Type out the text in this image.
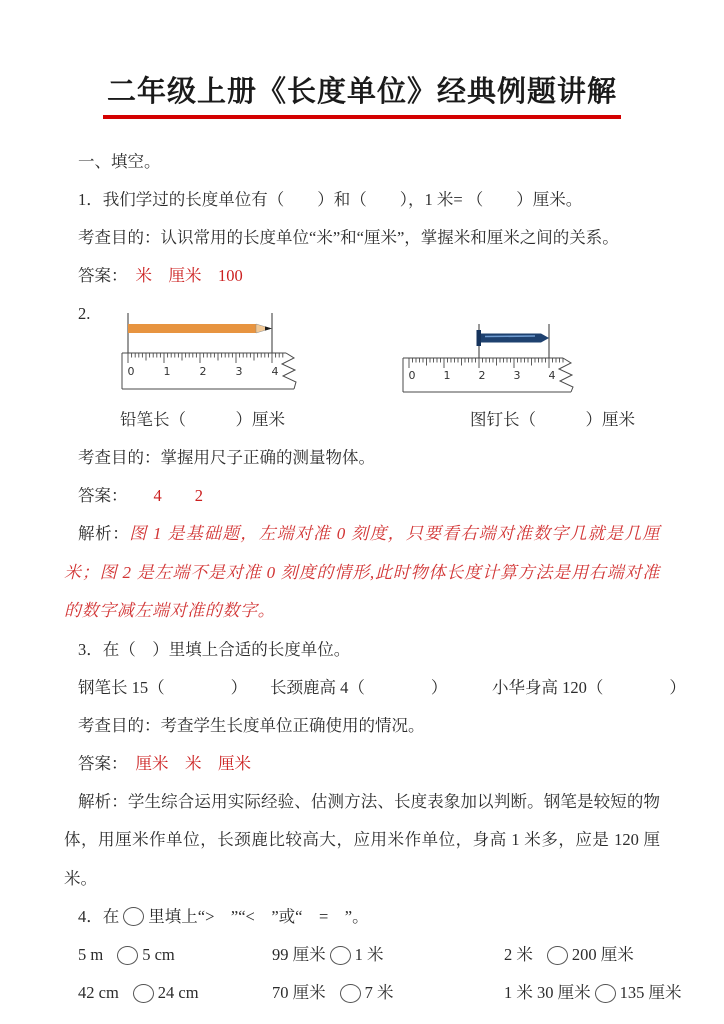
二年级上册《长度单位》经典例题讲解

一、填空。

1．我们学过的长度单位有（　　）和（　　），1 米= （　　）厘米。

考查目的：认识常用的长度单位“米”和“厘米”，掌握米和厘米之间的关系。

答案： 米　厘米　100

2.

0	1	2	3	4	0	1	2	3	4
铅笔长（　　　）厘米	图钉长（　　　）厘米

考查目的：掌握用尺子正确的测量物体。

答案： 4　　2

解析：图 1 是基础题，左端对准 0 刻度，只要看右端对准数字几就是几厘米；图 2 是左端不是对准 0 刻度的情形,此时物体长度计算方法是用右端对准的数字减左端对准的数字。

3．在（　）里填上合适的长度单位。

钢笔长 15（　　　　）	长颈鹿高 4（　　　　）	小华身高 120（　　　　）

考查目的：考查学生长度单位正确使用的情况。

答案： 厘米　米　厘米

解析：学生综合运用实际经验、估测方法、长度表象加以判断。钢笔是较短的物体，用厘米作单位，长颈鹿比较高大，应用米作单位，身高 1 米多，应是 120 厘米。

4．在 里填上“>　”“<　”或“　=　”。

5 m 5 cm	99 厘米 1 米	2 米 200 厘米
42 cm 24 cm	70 厘米 7 米	1 米 30 厘米 135 厘米
